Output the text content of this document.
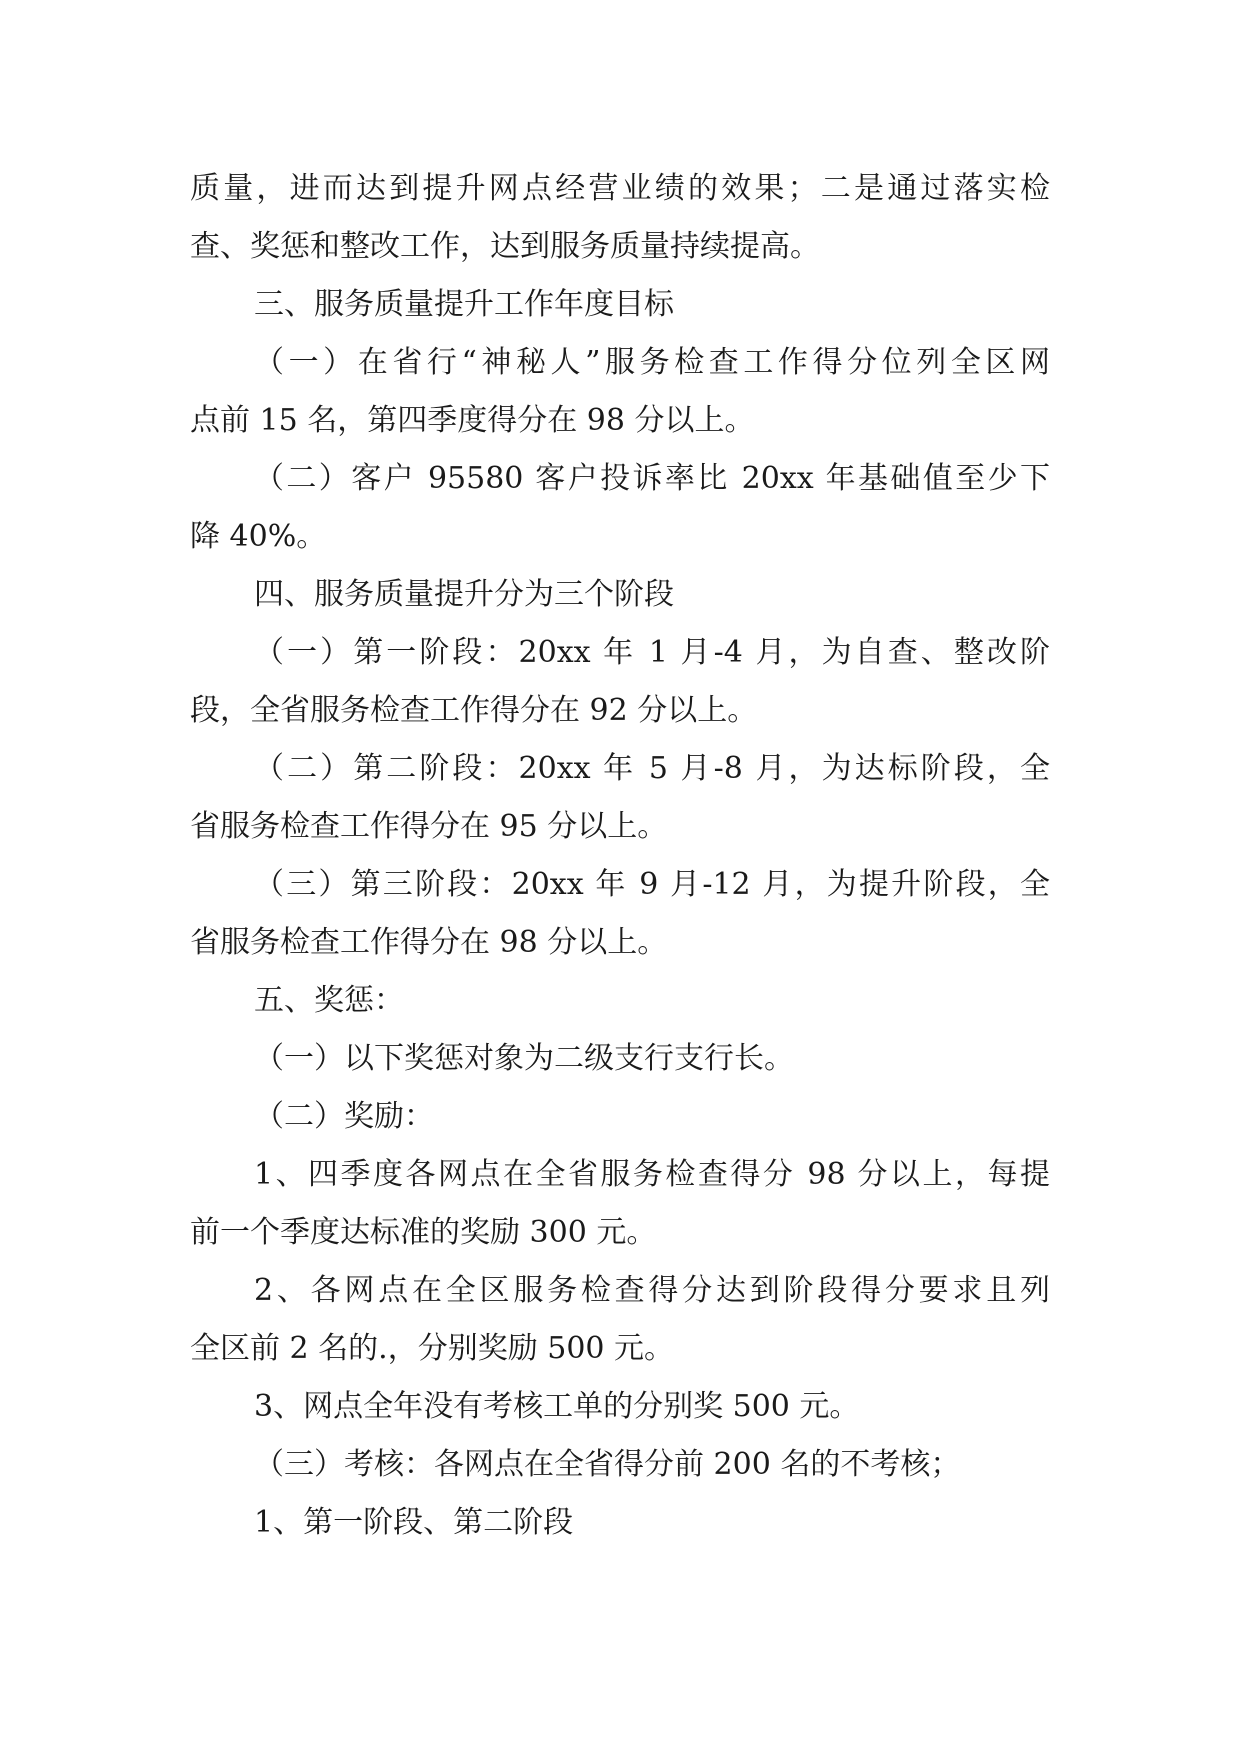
质量，进而达到提升网点经营业绩的效果；二是通过落实检
查、奖惩和整改工作，达到服务质量持续提高。
三、服务质量提升工作年度目标
（一）在省行“神秘人”服务检查工作得分位列全区网
点前 15 名，第四季度得分在 98 分以上。
（二）客户 95580 客户投诉率比 20xx 年基础值至少下
降 40%。
四、服务质量提升分为三个阶段
（一）第一阶段：20xx 年 1 月-4 月，为自查、整改阶
段，全省服务检查工作得分在 92 分以上。
（二）第二阶段：20xx 年 5 月-8 月，为达标阶段，全
省服务检查工作得分在 95 分以上。
（三）第三阶段：20xx 年 9 月-12 月，为提升阶段，全
省服务检查工作得分在 98 分以上。
五、奖惩：
（一）以下奖惩对象为二级支行支行长。
（二）奖励：
1、四季度各网点在全省服务检查得分 98 分以上，每提
前一个季度达标准的奖励 300 元。
2、各网点在全区服务检查得分达到阶段得分要求且列
全区前 2 名的.，分别奖励 500 元。
3、网点全年没有考核工单的分别奖 500 元。
（三）考核：各网点在全省得分前 200 名的不考核；
1、第一阶段、第二阶段
